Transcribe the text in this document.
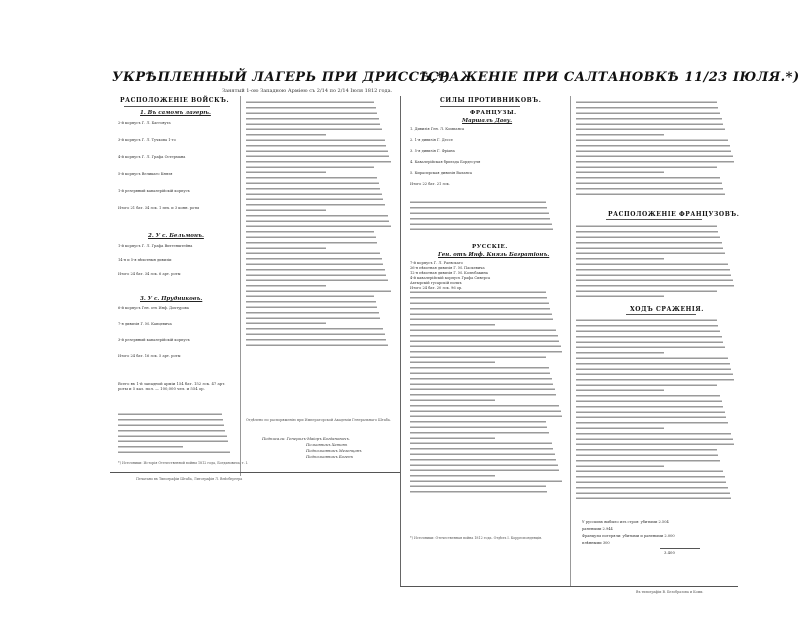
УКРѢПЛЕННЫЙ ЛАГЕРЬ ПРИ ДРИССѢ,*)
Занятый 1-ою Западною Арміею съ 2/14 по 2/14 Іюля 1812 года.
СРАЖЕНІЕ ПРИ САЛТАНОВКѢ 11/23 ІЮЛЯ.*)
РАСПОЛОЖЕНІЕ ВОЙСКЪ.
1. Въ самомъ лагерѣ.
2-й корпусъ Г. Л. Багговута
3-й корпусъ Г. Л. Тучкова 1-го
4-й корпусъ Г. Л. Графа Остермана
5-й корпусъ Великаго Князя
1-й резервный кавалерійскій корпусъ
Итого 21 бат. 34 эск. 1 пех. и 3 конн. роты
2. У с. Бельмонъ.
1-й корпусъ Г. Л. Графа Витгенштейна
14-я и 5-я пѣхотныя дивизіи
Итого 24 бат. 34 эск. 6 арт. роты
3. У с. Прудниковъ.
6-й корпусъ Ген. отъ Инф. Дохтурова
7-я дивизія Г. М. Капцевича
3-й резервный кавалерійскій корпусъ
Итого 24 бат. 16 эск. 5 арт. роты
Всего въ 1-й западной арміи 154 бат. 152 эск. 47 арт. роты и 5 каз. пол. — 100,000 чел. и 554 ор.
*) Источники: Исторія Отечественной войны 1812 года, Богдановича, т. I.
Отдѣлено по распоряженію при Императорской Академіи Генеральнаго Штаба.
Подписали: Генералъ-Маіоръ Богдановичъ.
Полковникъ Хатовъ
Подполковникъ Мезенцовъ
Подполковникъ Богенъ
Печатано въ Типографіи Штаба, Литографія Л. Вейсбергера
СИЛЫ ПРОТИВНИКОВЪ.
ФРАНЦУЗЫ.
Маршалъ Даву.
1. Дивизія Ген. Л. Компанса
2. 1-я дивизія Г. Дессе
3. 5-я дивизія Г. Фріана
4. Кавалерійская бригада Бордесуля
5. Кирасирская дивизія Валанса
Итого 22 бат. 21 эск.
РУССКІЕ.
Ген. отъ Инф. Князь Багратіонъ.
7-й корпусъ Г. Л. Раевскаго
26-я пѣхотная дивизія Г. М. Паскевича
12-я пѣхотная дивизія Г. М. Колюбакина
4-й кавалерійскій корпусъ Графа Сиверса
Ахтырскій гусарскій полкъ
Итого 24 бат. 20 эск. 96 ор.
*) Источники: Отечественная война 1812 года. Отдѣлъ I. Корреспонденція.
РАСПОЛОЖЕНІЕ ФРАНЦУЗОВЪ.
ХОДЪ СРАЖЕНІЯ.
У русскихъ выбыло изъ строя: убитыми 2.504
ранеными 2.944
Французы потеряли: убитыми и ранеными 2.000
плѣнными 300
3.400
Въ типографіи В. Безобразова и Коми.
